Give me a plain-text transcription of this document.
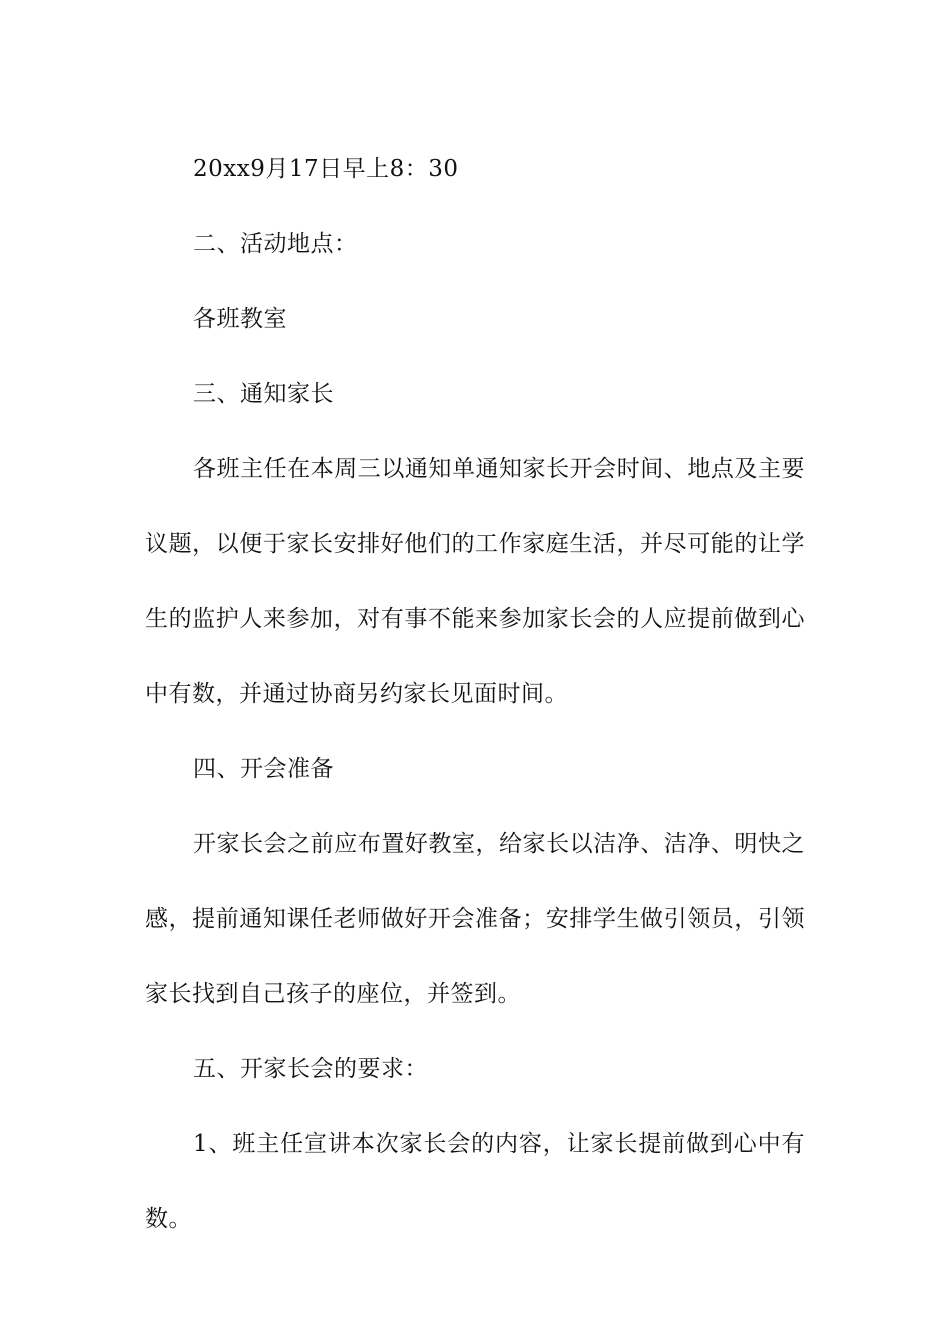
20xx9月17日早上8：30

二、活动地点：

各班教室

三、通知家长

各班主任在本周三以通知单通知家长开会时间、地点及主要议题，以便于家长安排好他们的工作家庭生活，并尽可能的让学生的监护人来参加，对有事不能来参加家长会的人应提前做到心中有数，并通过协商另约家长见面时间。

四、开会准备

开家长会之前应布置好教室，给家长以洁净、洁净、明快之感，提前通知课任老师做好开会准备；安排学生做引领员，引领家长找到自己孩子的座位，并签到。

五、开家长会的要求：

1、班主任宣讲本次家长会的内容，让家长提前做到心中有数。
